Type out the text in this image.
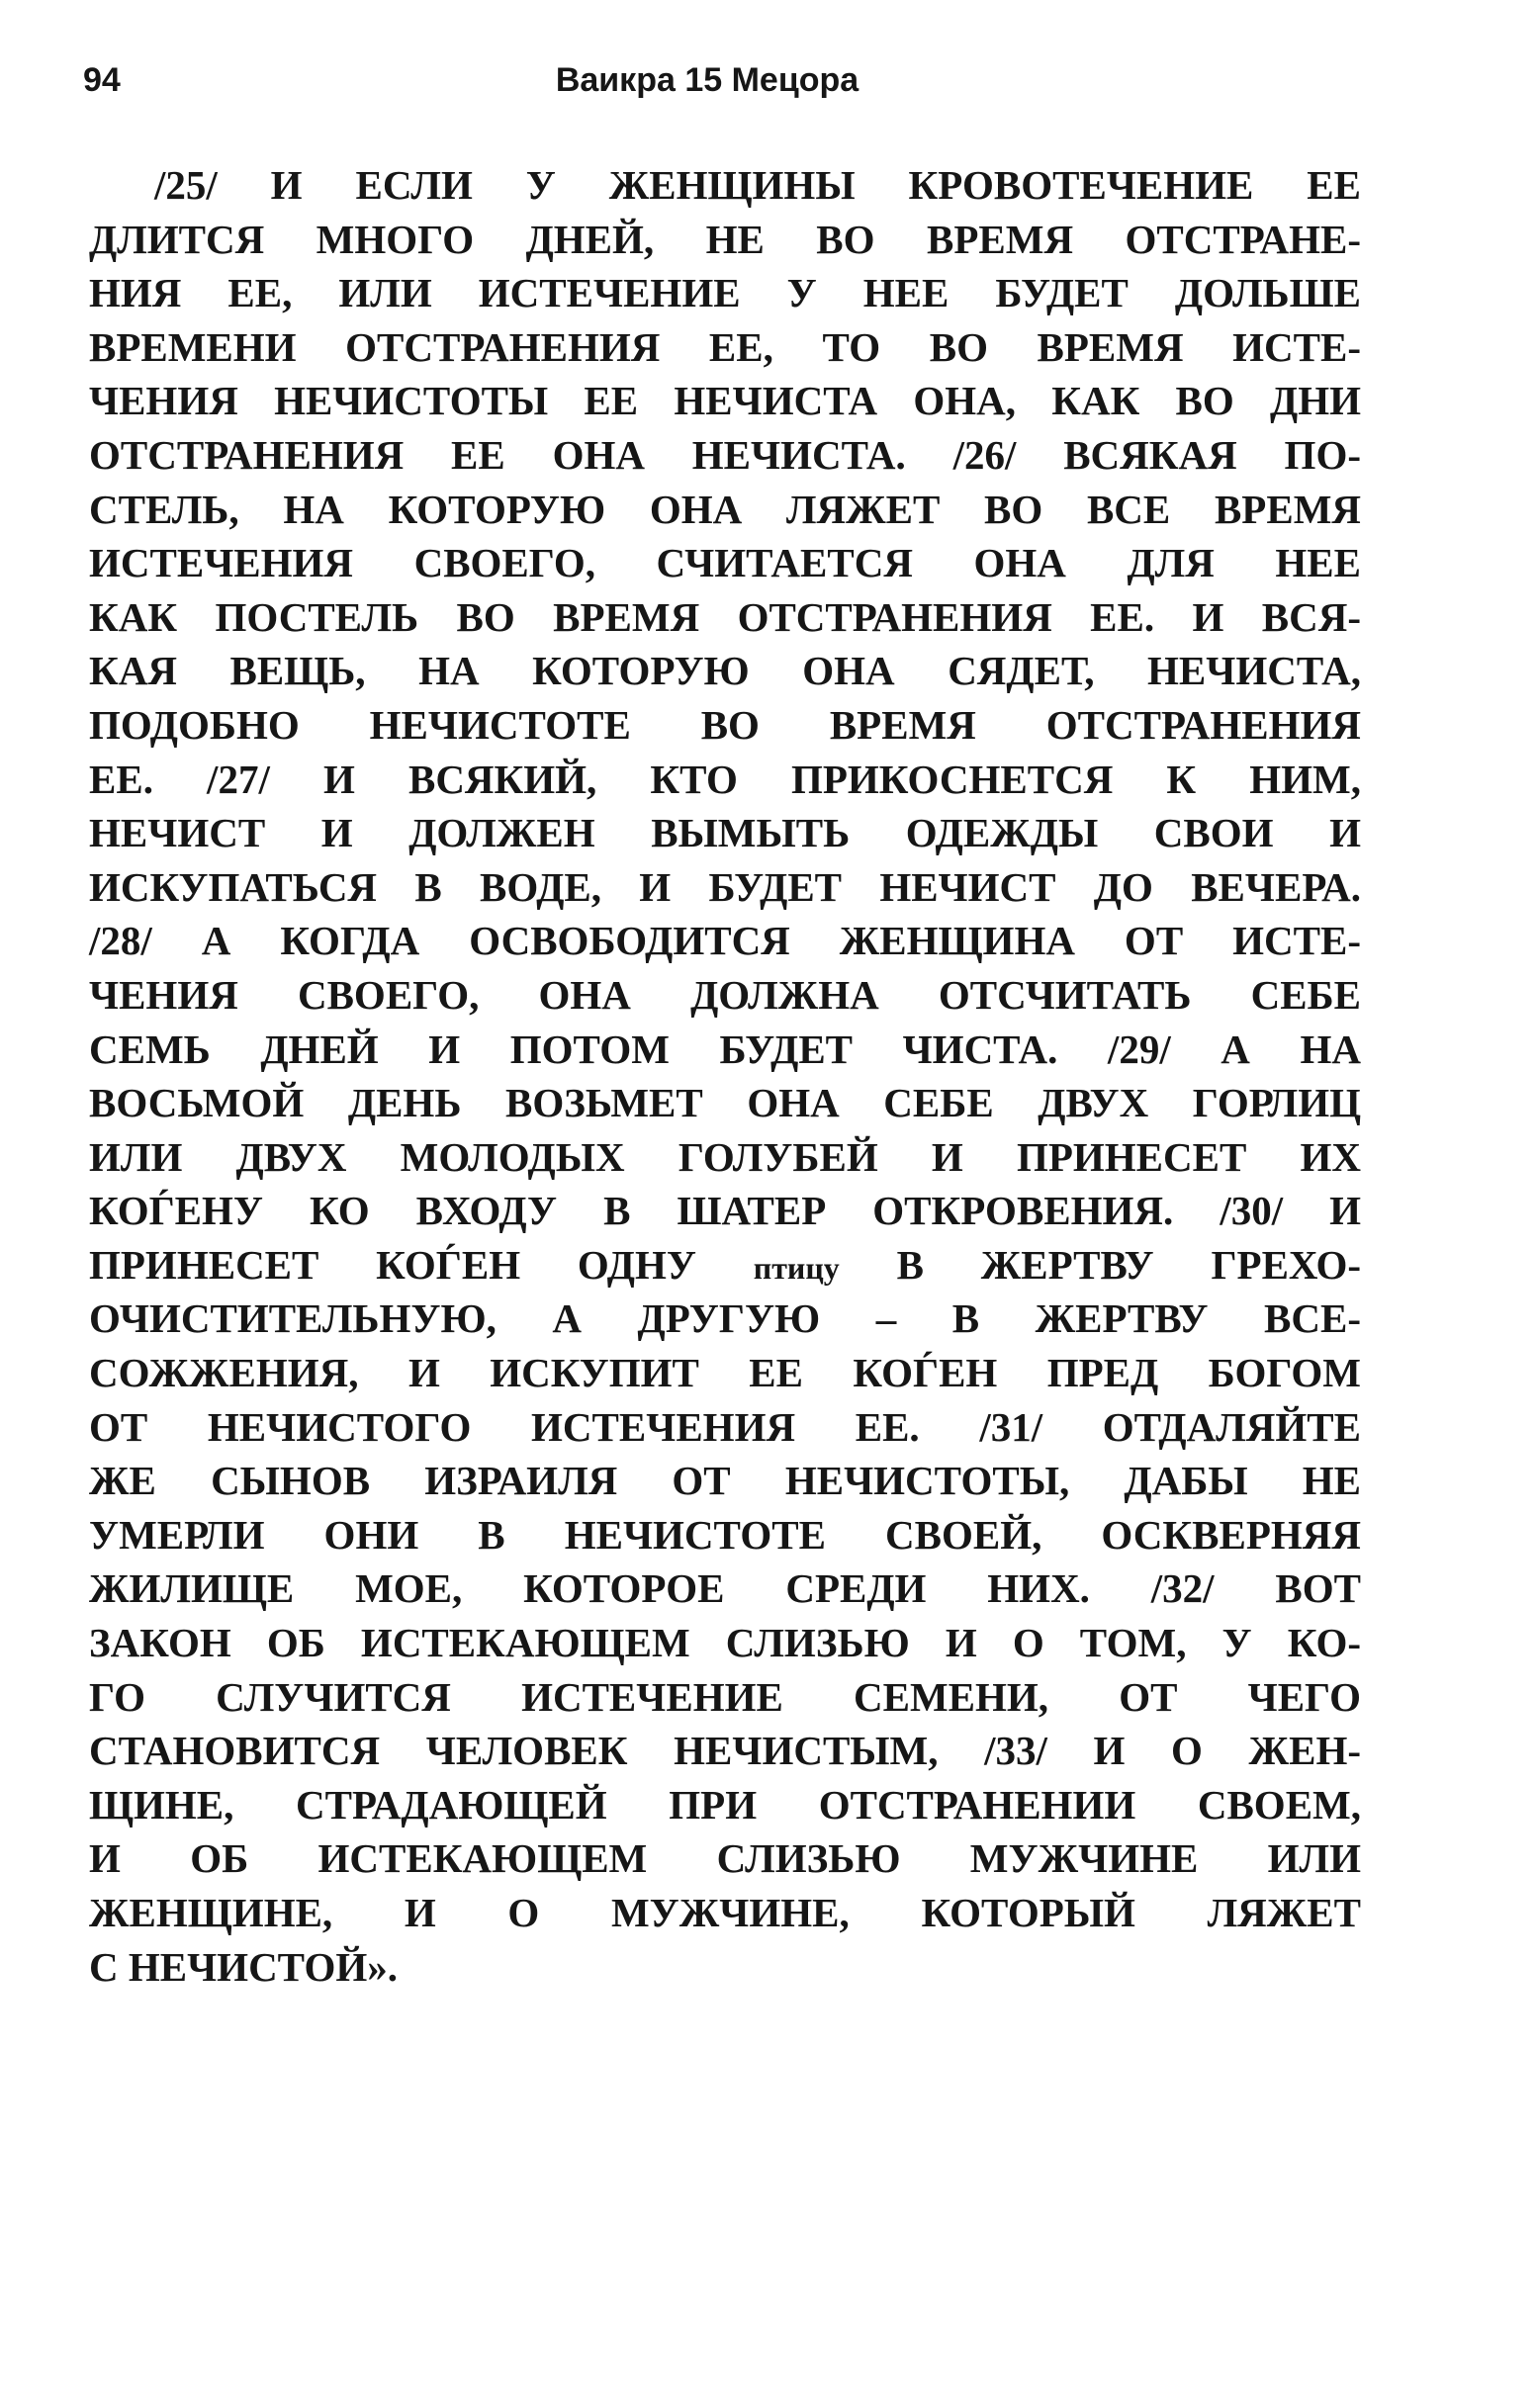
94	Ваикра 15 Мецора
/25/ И ЕСЛИ У ЖЕНЩИНЫ КРОВОТЕЧЕНИЕ ЕЕ
ДЛИТСЯ МНОГО ДНЕЙ, НЕ ВО ВРЕМЯ ОТСТРАНЕ-
НИЯ ЕЕ, ИЛИ ИСТЕЧЕНИЕ У НЕЕ БУДЕТ ДОЛЬШЕ
ВРЕМЕНИ ОТСТРАНЕНИЯ ЕЕ, ТО ВО ВРЕМЯ ИСТЕ-
ЧЕНИЯ НЕЧИСТОТЫ ЕЕ НЕЧИСТА ОНА, КАК ВО ДНИ
ОТСТРАНЕНИЯ ЕЕ ОНА НЕЧИСТА. /26/ ВСЯКАЯ ПО-
СТЕЛЬ, НА КОТОРУЮ ОНА ЛЯЖЕТ ВО ВСЕ ВРЕМЯ
ИСТЕЧЕНИЯ СВОЕГО, СЧИТАЕТСЯ ОНА ДЛЯ НЕЕ
КАК ПОСТЕЛЬ ВО ВРЕМЯ ОТСТРАНЕНИЯ ЕЕ. И ВСЯ-
КАЯ ВЕЩЬ, НА КОТОРУЮ ОНА СЯДЕТ, НЕЧИСТА,
ПОДОБНО НЕЧИСТОТЕ ВО ВРЕМЯ ОТСТРАНЕНИЯ
ЕЕ. /27/ И ВСЯКИЙ, КТО ПРИКОСНЕТСЯ К НИМ,
НЕЧИСТ И ДОЛЖЕН ВЫМЫТЬ ОДЕЖДЫ СВОИ И
ИСКУПАТЬСЯ В ВОДЕ, И БУДЕТ НЕЧИСТ ДО ВЕЧЕРА.
/28/ А КОГДА ОСВОБОДИТСЯ ЖЕНЩИНА ОТ ИСТЕ-
ЧЕНИЯ СВОЕГО, ОНА ДОЛЖНА ОТСЧИТАТЬ СЕБЕ
СЕМЬ ДНЕЙ И ПОТОМ БУДЕТ ЧИСТА. /29/ А НА
ВОСЬМОЙ ДЕНЬ ВОЗЬМЕТ ОНА СЕБЕ ДВУХ ГОРЛИЦ
ИЛИ ДВУХ МОЛОДЫХ ГОЛУБЕЙ И ПРИНЕСЕТ ИХ
КОЃЕНУ КО ВХОДУ В ШАТЕР ОТКРОВЕНИЯ. /30/ И
ПРИНЕСЕТ КОЃЕН ОДНУ птицу В ЖЕРТВУ ГРЕХО-
ОЧИСТИТЕЛЬНУЮ, А ДРУГУЮ – В ЖЕРТВУ ВСЕ-
СОЖЖЕНИЯ, И ИСКУПИТ ЕЕ КОЃЕН ПРЕД БОГОМ
ОТ НЕЧИСТОГО ИСТЕЧЕНИЯ ЕЕ. /31/ ОТДАЛЯЙТЕ
ЖЕ СЫНОВ ИЗРАИЛЯ ОТ НЕЧИСТОТЫ, ДАБЫ НЕ
УМЕРЛИ ОНИ В НЕЧИСТОТЕ СВОЕЙ, ОСКВЕРНЯЯ
ЖИЛИЩЕ МОЕ, КОТОРОЕ СРЕДИ НИХ. /32/ ВОТ
ЗАКОН ОБ ИСТЕКАЮЩЕМ СЛИЗЬЮ И О ТОМ, У КО-
ГО СЛУЧИТСЯ ИСТЕЧЕНИЕ СЕМЕНИ, ОТ ЧЕГО
СТАНОВИТСЯ ЧЕЛОВЕК НЕЧИСТЫМ, /33/ И О ЖЕН-
ЩИНЕ, СТРАДАЮЩЕЙ ПРИ ОТСТРАНЕНИИ СВОЕМ,
И ОБ ИСТЕКАЮЩЕМ СЛИЗЬЮ МУЖЧИНЕ ИЛИ
ЖЕНЩИНЕ, И О МУЖЧИНЕ, КОТОРЫЙ ЛЯЖЕТ
С НЕЧИСТОЙ».
